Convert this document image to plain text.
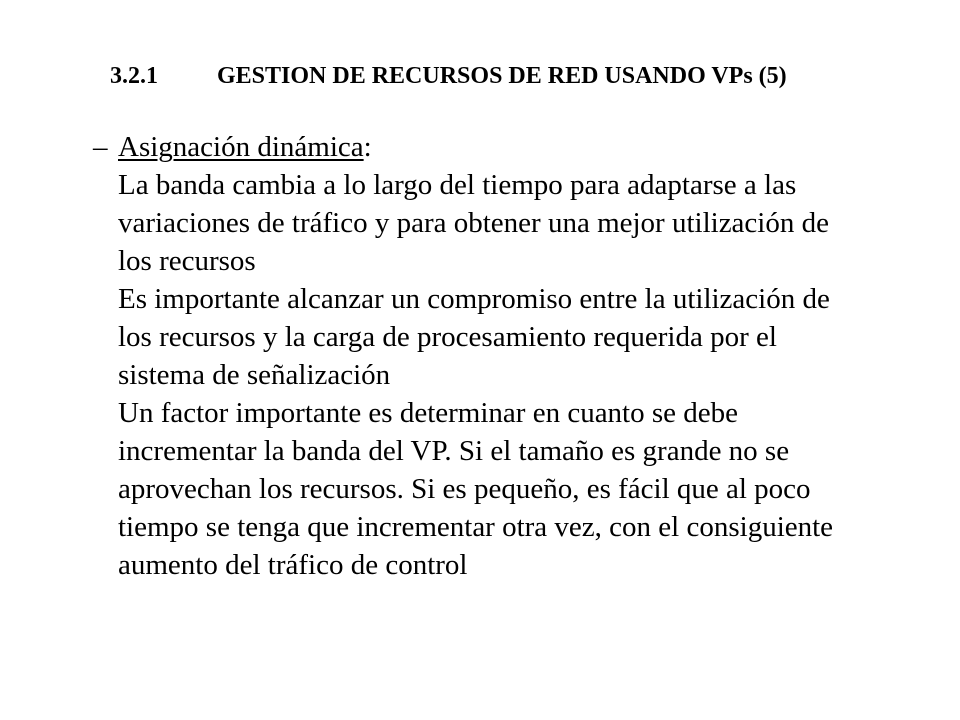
3.2.1 GESTION DE RECURSOS DE RED USANDO VPs (5)
– Asignación dinámica:
La banda cambia a lo largo del tiempo para adaptarse a las
variaciones de tráfico y para obtener una mejor utilización de
los recursos
Es importante alcanzar un compromiso entre la utilización de
los recursos y la carga de procesamiento requerida por el
sistema de señalización
Un factor importante es determinar en cuanto se debe
incrementar la banda del VP. Si el tamaño es grande no se
aprovechan los recursos. Si es pequeño, es fácil que al poco
tiempo se tenga que incrementar otra vez, con el consiguiente
aumento del tráfico de control
